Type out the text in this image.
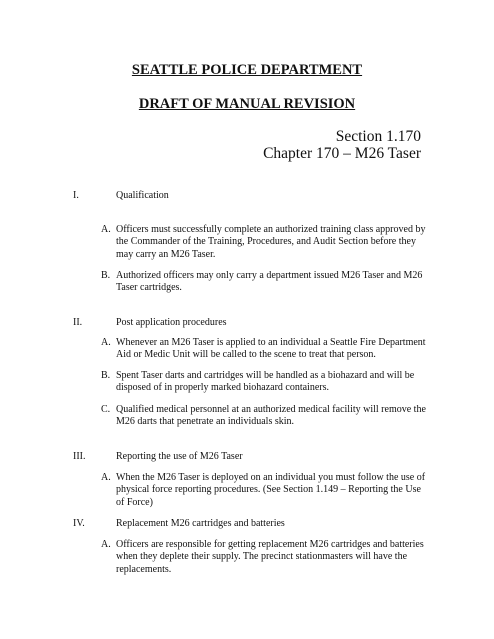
SEATTLE POLICE DEPARTMENT
DRAFT OF MANUAL REVISION
Section 1.170
Chapter 170 – M26 Taser
I.	Qualification
A. Officers must successfully complete an authorized training class approved by
the Commander of the Training, Procedures, and Audit Section before they
may carry an M26 Taser.
B. Authorized officers may only carry a department issued M26 Taser and M26
Taser cartridges.
II.	Post application procedures
A. Whenever an M26 Taser is applied to an individual a Seattle Fire Department
Aid or Medic Unit will be called to the scene to treat that person.
B. Spent Taser darts and cartridges will be handled as a biohazard and will be
disposed of in properly marked biohazard containers.
C. Qualified medical personnel at an authorized medical facility will remove the
M26 darts that penetrate an individuals skin.
III.	Reporting the use of M26 Taser
A. When the M26 Taser is deployed on an individual you must follow the use of
physical force reporting procedures. (See Section 1.149 – Reporting the Use
of Force)
IV.	Replacement M26 cartridges and batteries
A. Officers are responsible for getting replacement M26 cartridges and batteries
when they deplete their supply. The precinct stationmasters will have the
replacements.
